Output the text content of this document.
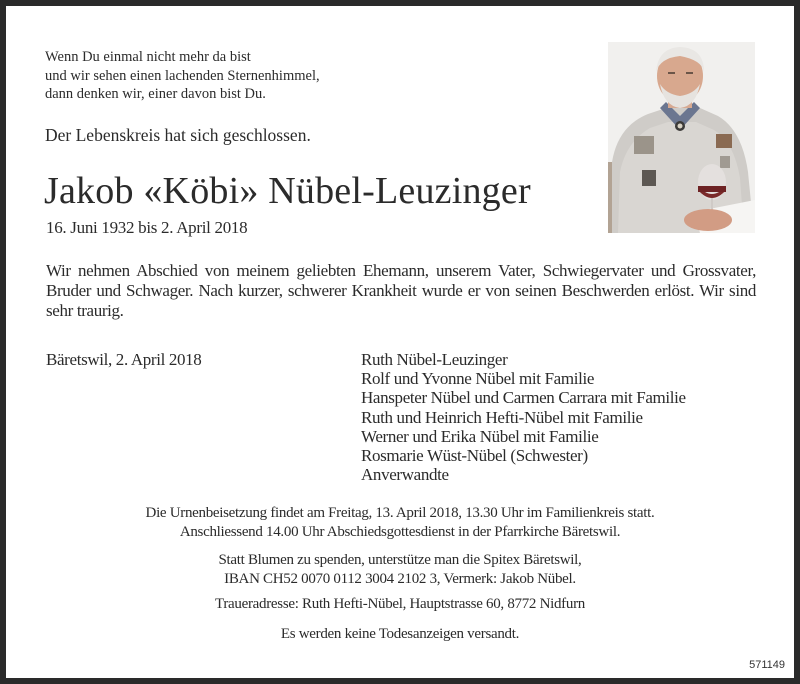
Wenn Du einmal nicht mehr da bist
und wir sehen einen lachenden Sternenhimmel,
dann denken wir, einer davon bist Du.
Der Lebenskreis hat sich geschlossen.
Jakob «Köbi» Nübel-Leuzinger
16. Juni 1932 bis 2. April 2018
Wir nehmen Abschied von meinem geliebten Ehemann, unserem Vater, Schwiegervater und Grossvater, Bruder und Schwager. Nach kurzer, schwerer Krankheit wurde er von seinen Beschwerden erlöst. Wir sind sehr traurig.
Bäretswil, 2. April 2018	Ruth Nübel-Leuzinger
Rolf und Yvonne Nübel mit Familie
Hanspeter Nübel und Carmen Carrara mit Familie
Ruth und Heinrich Hefti-Nübel mit Familie
Werner und Erika Nübel mit Familie
Rosmarie Wüst-Nübel (Schwester)
Anverwandte
Die Urnenbeisetzung findet am Freitag, 13. April 2018, 13.30 Uhr im Familienkreis statt.
Anschliessend 14.00 Uhr Abschiedsgottesdienst in der Pfarrkirche Bäretswil.
Statt Blumen zu spenden, unterstütze man die Spitex Bäretswil,
IBAN CH52 0070 0112 3004 2102 3, Vermerk: Jakob Nübel.
Traueradresse: Ruth Hefti-Nübel, Hauptstrasse 60, 8772 Nidfurn
Es werden keine Todesanzeigen versandt.
571149
